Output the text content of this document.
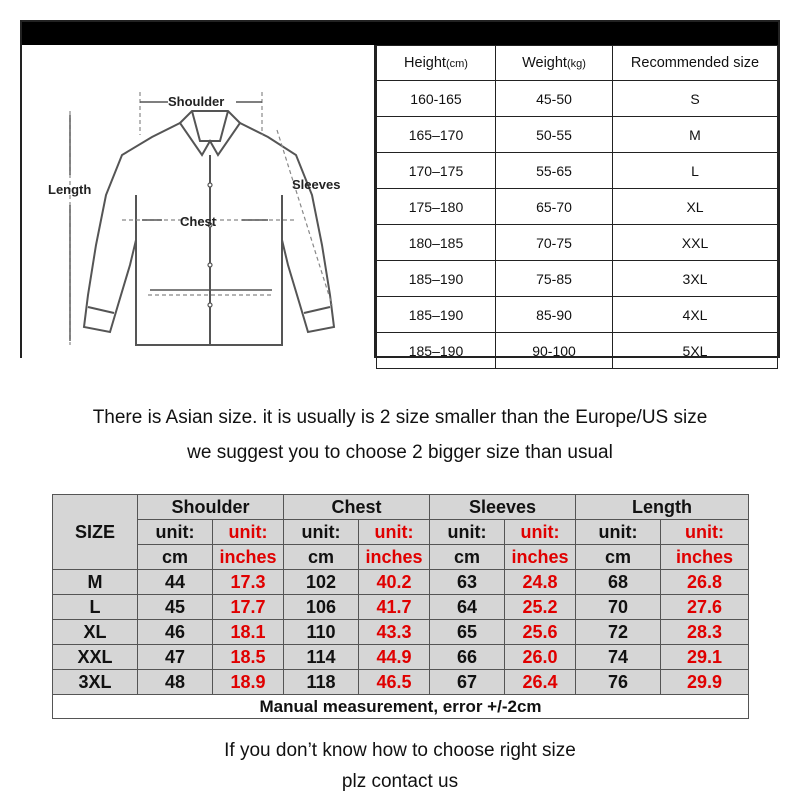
Shoulder
Length	Sleeves
Chest
Height(cm)	Weight(kg)	Recommended size
160-165	45-50	S
165–170	50-55	M
170–175	55-65	L
175–180	65-70	XL
180–185	70-75	XXL
185–190	75-85	3XL
185–190	85-90	4XL
185–190	90-100	5XL
There is Asian size. it is usually is 2 size smaller than the Europe/US size
we suggest you to choose 2 bigger size than usual
SIZE	Shoulder		Chest		Sleeves		Length	
	unit:	unit:	unit:	unit:	unit:	unit:	unit:	unit:
	cm	inches	cm	inches	cm	inches	cm	inches
M	44	17.3	102	40.2	63	24.8	68	26.8
L	45	17.7	106	41.7	64	25.2	70	27.6
XL	46	18.1	110	43.3	65	25.6	72	28.3
XXL	47	18.5	114	44.9	66	26.0	74	29.1
3XL	48	18.9	118	46.5	67	26.4	76	29.9
Manual measurement, error +/-2cm								
If you don’t know how to choose right size
plz contact us
